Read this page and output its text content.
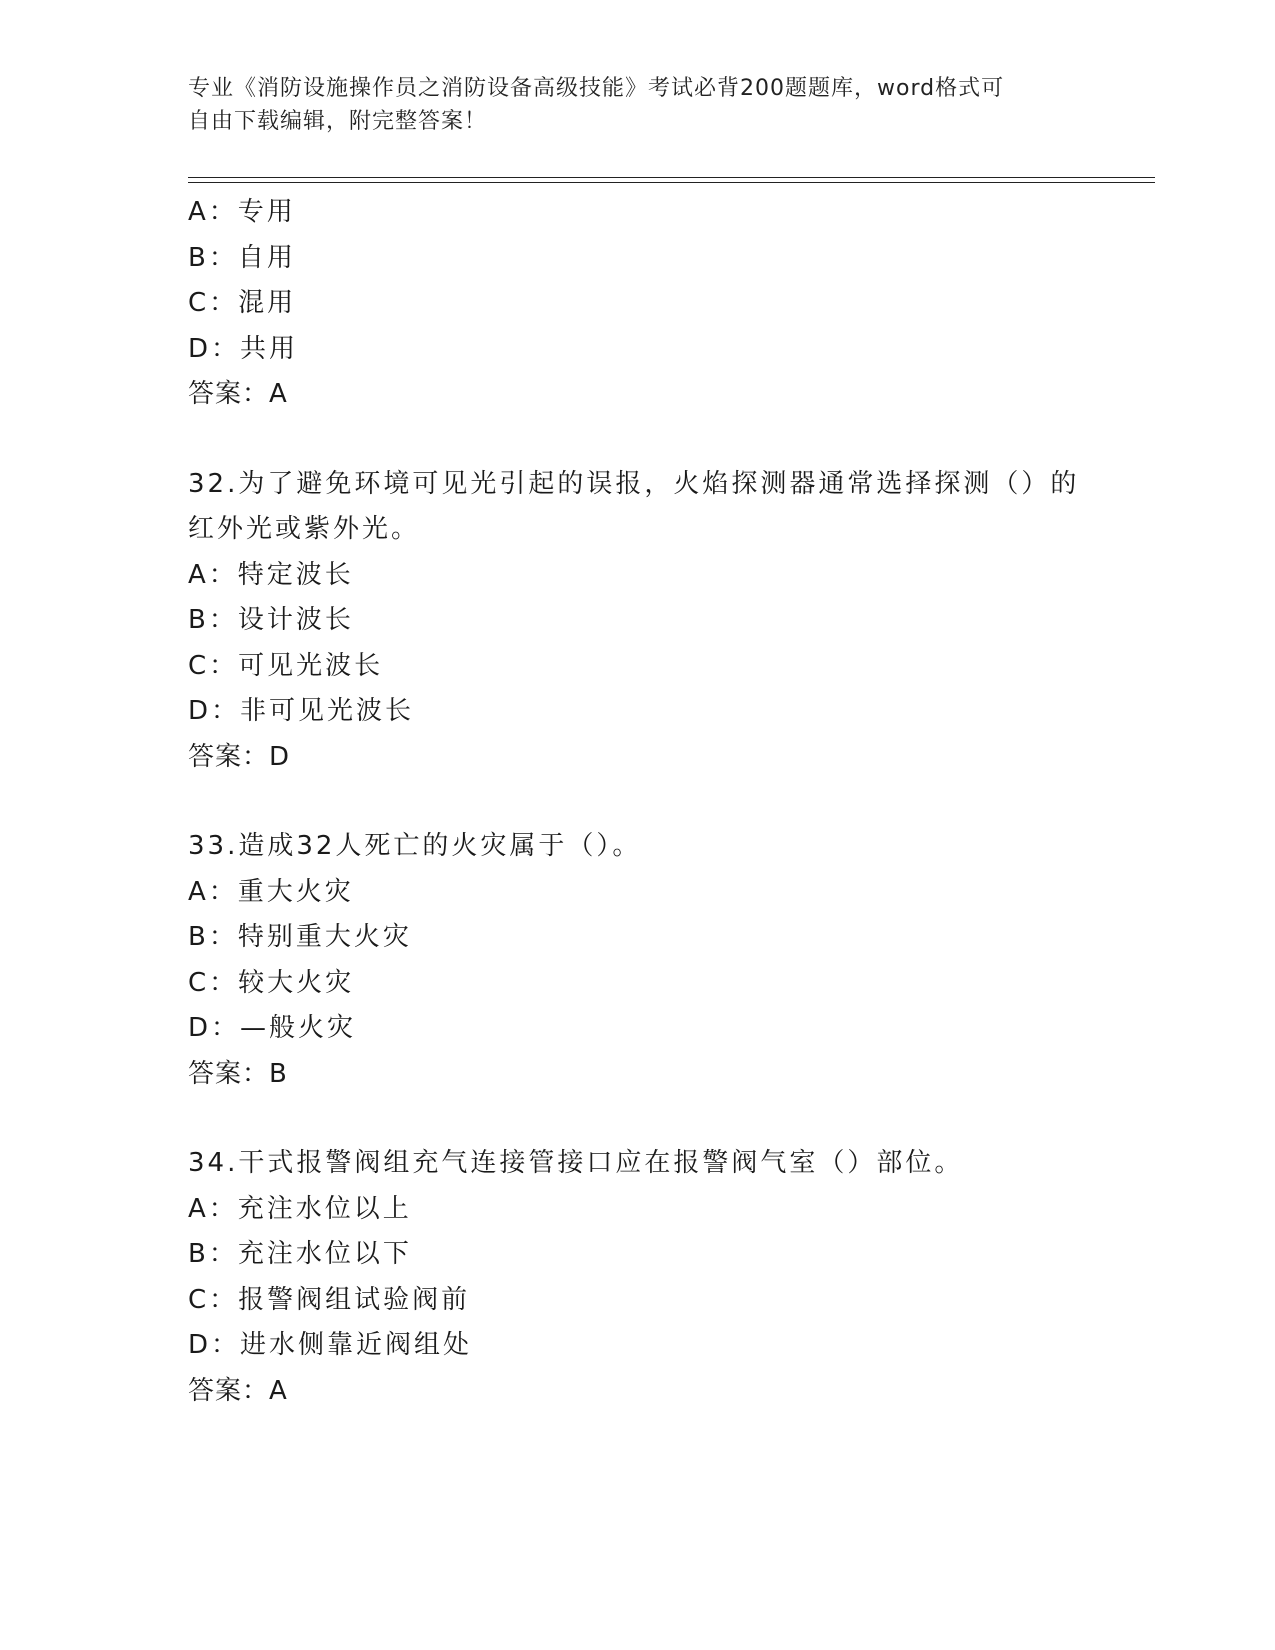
专业《消防设施操作员之消防设备高级技能》考试必背200题题库，word格式可
自由下载编辑，附完整答案！
A：专用
B：自用
C：混用
D：共用
答案：A
32.为了避免环境可见光引起的误报，火焰探测器通常选择探测（）的
红外光或紫外光。
A：特定波长
B：设计波长
C：可见光波长
D：非可见光波长
答案：D
33.造成32人死亡的火灾属于（）。
A：重大火灾
B：特别重大火灾
C：较大火灾
D：—般火灾
答案：B
34.干式报警阀组充气连接管接口应在报警阀气室（）部位。
A：充注水位以上
B：充注水位以下
C：报警阀组试验阀前
D：进水侧靠近阀组处
答案：A
